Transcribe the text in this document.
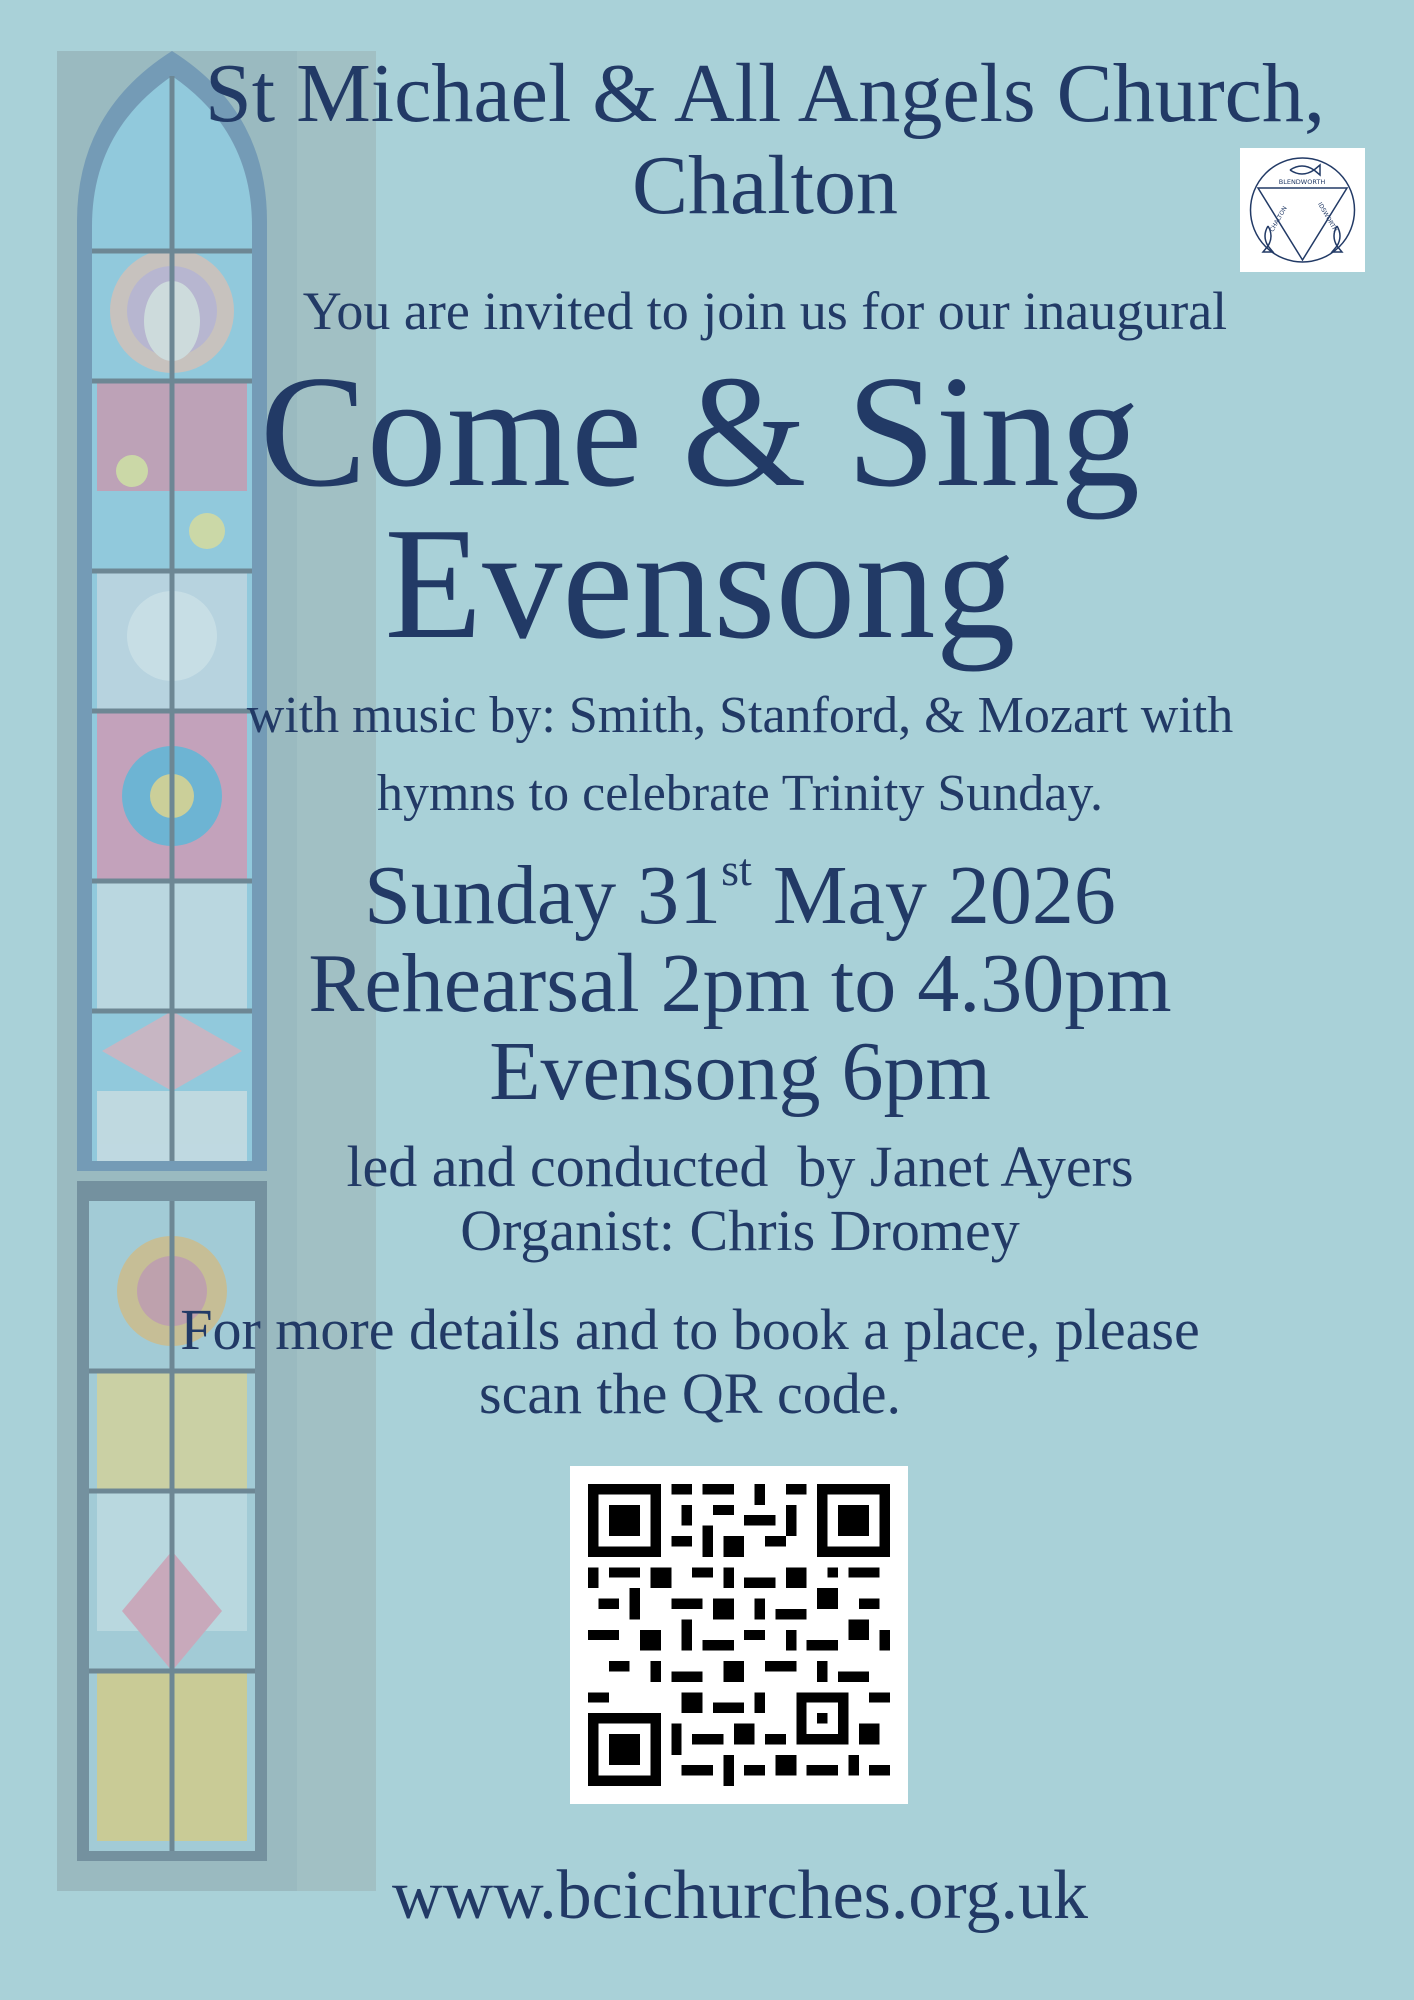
St Michael & All Angels Church,
Chalton	BLENDWORTH
IDSWORTH
CHALTON
You are invited to join us for our inaugural
Come & Sing
Evensong
with music by: Smith, Stanford, & Mozart with
hymns to celebrate Trinity Sunday.
Sunday 31st May 2026
Rehearsal 2pm to 4.30pm
Evensong 6pm
led and conducted  by Janet Ayers
Organist: Chris Dromey
For more details and to book a place, please
scan the QR code.
www.bcichurches.org.uk
